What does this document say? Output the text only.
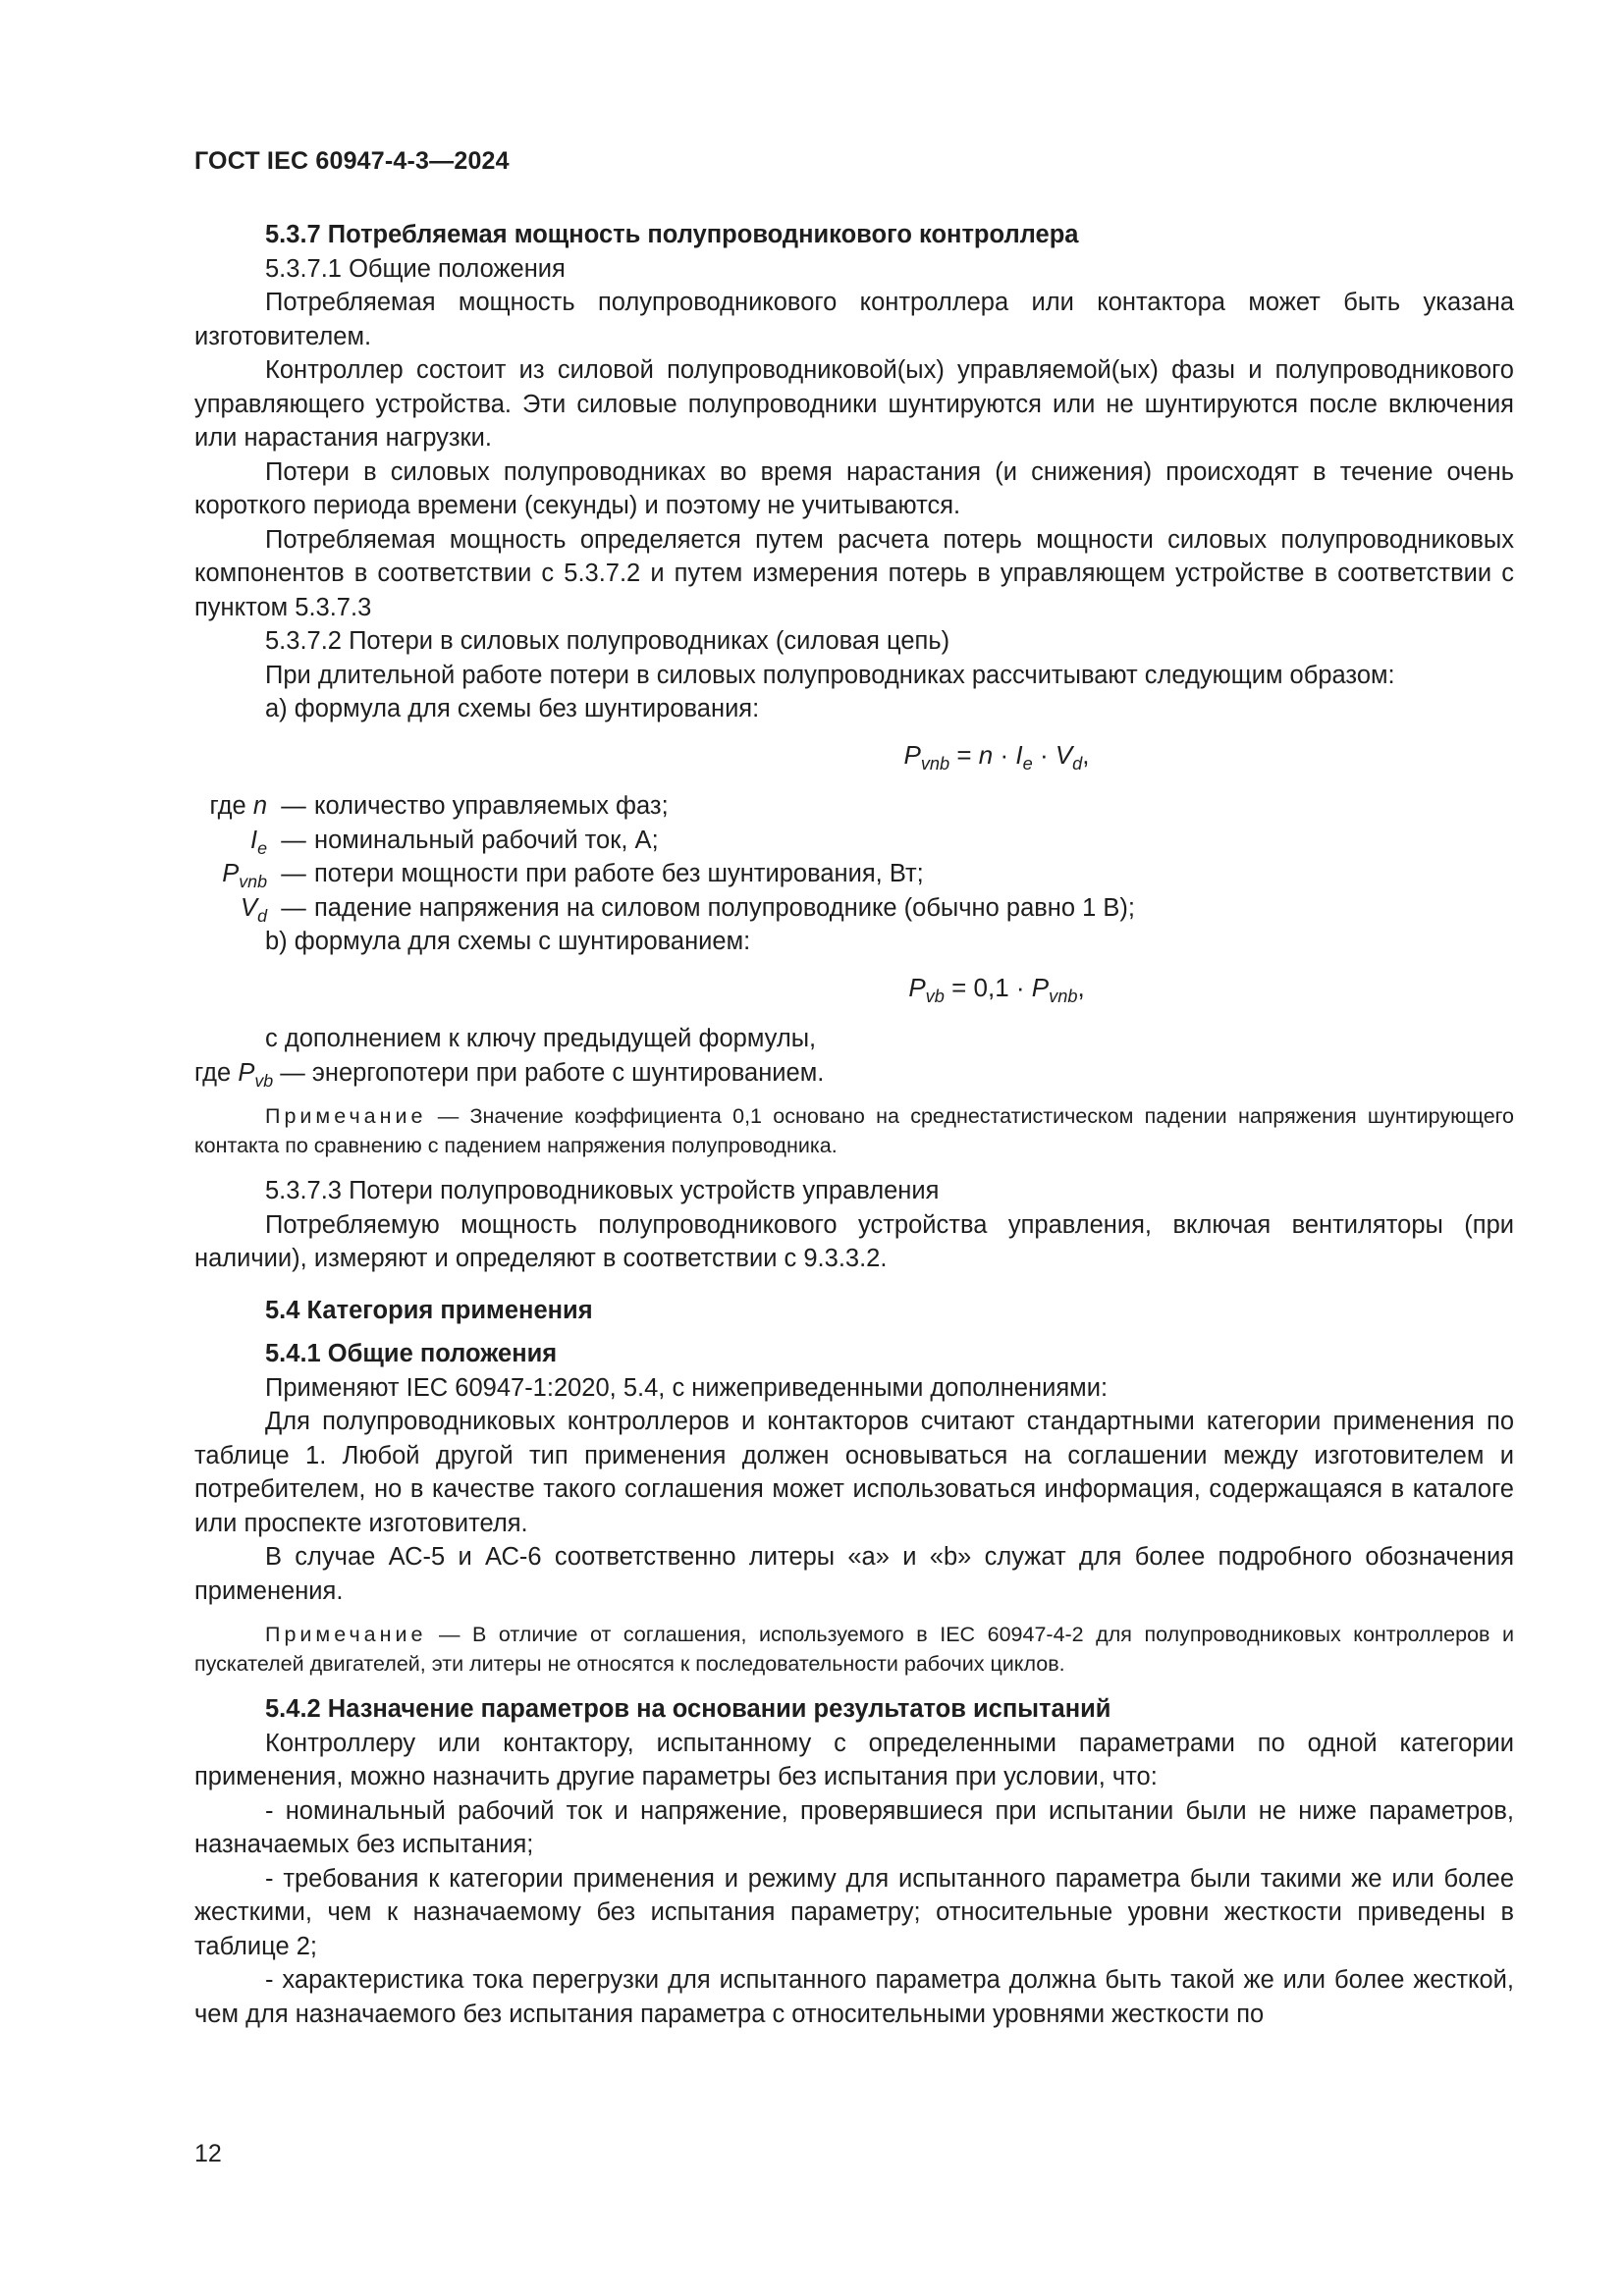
ГОСТ IEC 60947-4-3—2024

5.3.7 Потребляемая мощность полупроводникового контроллера

5.3.7.1 Общие положения

Потребляемая мощность полупроводникового контроллера или контактора может быть указана изготовителем.

Контроллер состоит из силовой полупроводниковой(ых) управляемой(ых) фазы и полупроводникового управляющего устройства. Эти силовые полупроводники шунтируются или не шунтируются после включения или нарастания нагрузки.

Потери в силовых полупроводниках во время нарастания (и снижения) происходят в течение очень короткого периода времени (секунды) и поэтому не учитываются.

Потребляемая мощность определяется путем расчета потерь мощности силовых полупроводниковых компонентов в соответствии с 5.3.7.2 и путем измерения потерь в управляющем устройстве в соответствии с пунктом 5.3.7.3

5.3.7.2 Потери в силовых полупроводниках (силовая цепь)

При длительной работе потери в силовых полупроводниках рассчитывают следующим образом:

a) формула для схемы без шунтирования:

$P_{vnb} = n \cdot I_e \cdot V_d$,
где n — количество управляемых фаз;
$I_e$ — номинальный рабочий ток, А;
$P_{vnb}$ — потери мощности при работе без шунтирования, Вт;
$V_d$ — падение напряжения на силовом полупроводнике (обычно равно 1 В);

b) формула для схемы с шунтированием:

$P_{vb} = 0,1 \cdot P_{vnb}$,

с дополнением к ключу предыдущей формулы,

где $P_{vb}$ — энергопотери при работе с шунтированием.

Примечание — Значение коэффициента 0,1 основано на среднестатистическом падении напряжения шунтирующего контакта по сравнению с падением напряжения полупроводника.

5.3.7.3 Потери полупроводниковых устройств управления

Потребляемую мощность полупроводникового устройства управления, включая вентиляторы (при наличии), измеряют и определяют в соответствии с 9.3.3.2.

5.4 Категория применения

5.4.1 Общие положения

Применяют IEC 60947-1:2020, 5.4, с нижеприведенными дополнениями:

Для полупроводниковых контроллеров и контакторов считают стандартными категории применения по таблице 1. Любой другой тип применения должен основываться на соглашении между изготовителем и потребителем, но в качестве такого соглашения может использоваться информация, содержащаяся в каталоге или проспекте изготовителя.

В случае АС-5 и АС-6 соответственно литеры «а» и «b» служат для более подробного обозначения применения.

Примечание — В отличие от соглашения, используемого в IEC 60947-4-2 для полупроводниковых контроллеров и пускателей двигателей, эти литеры не относятся к последовательности рабочих циклов.

5.4.2 Назначение параметров на основании результатов испытаний

Контроллеру или контактору, испытанному с определенными параметрами по одной категории применения, можно назначить другие параметры без испытания при условии, что:

- номинальный рабочий ток и напряжение, проверявшиеся при испытании были не ниже параметров, назначаемых без испытания;

- требования к категории применения и режиму для испытанного параметра были такими же или более жесткими, чем к назначаемому без испытания параметру; относительные уровни жесткости приведены в таблице 2;

- характеристика тока перегрузки для испытанного параметра должна быть такой же или более жесткой, чем для назначаемого без испытания параметра с относительными уровнями жесткости по

12
